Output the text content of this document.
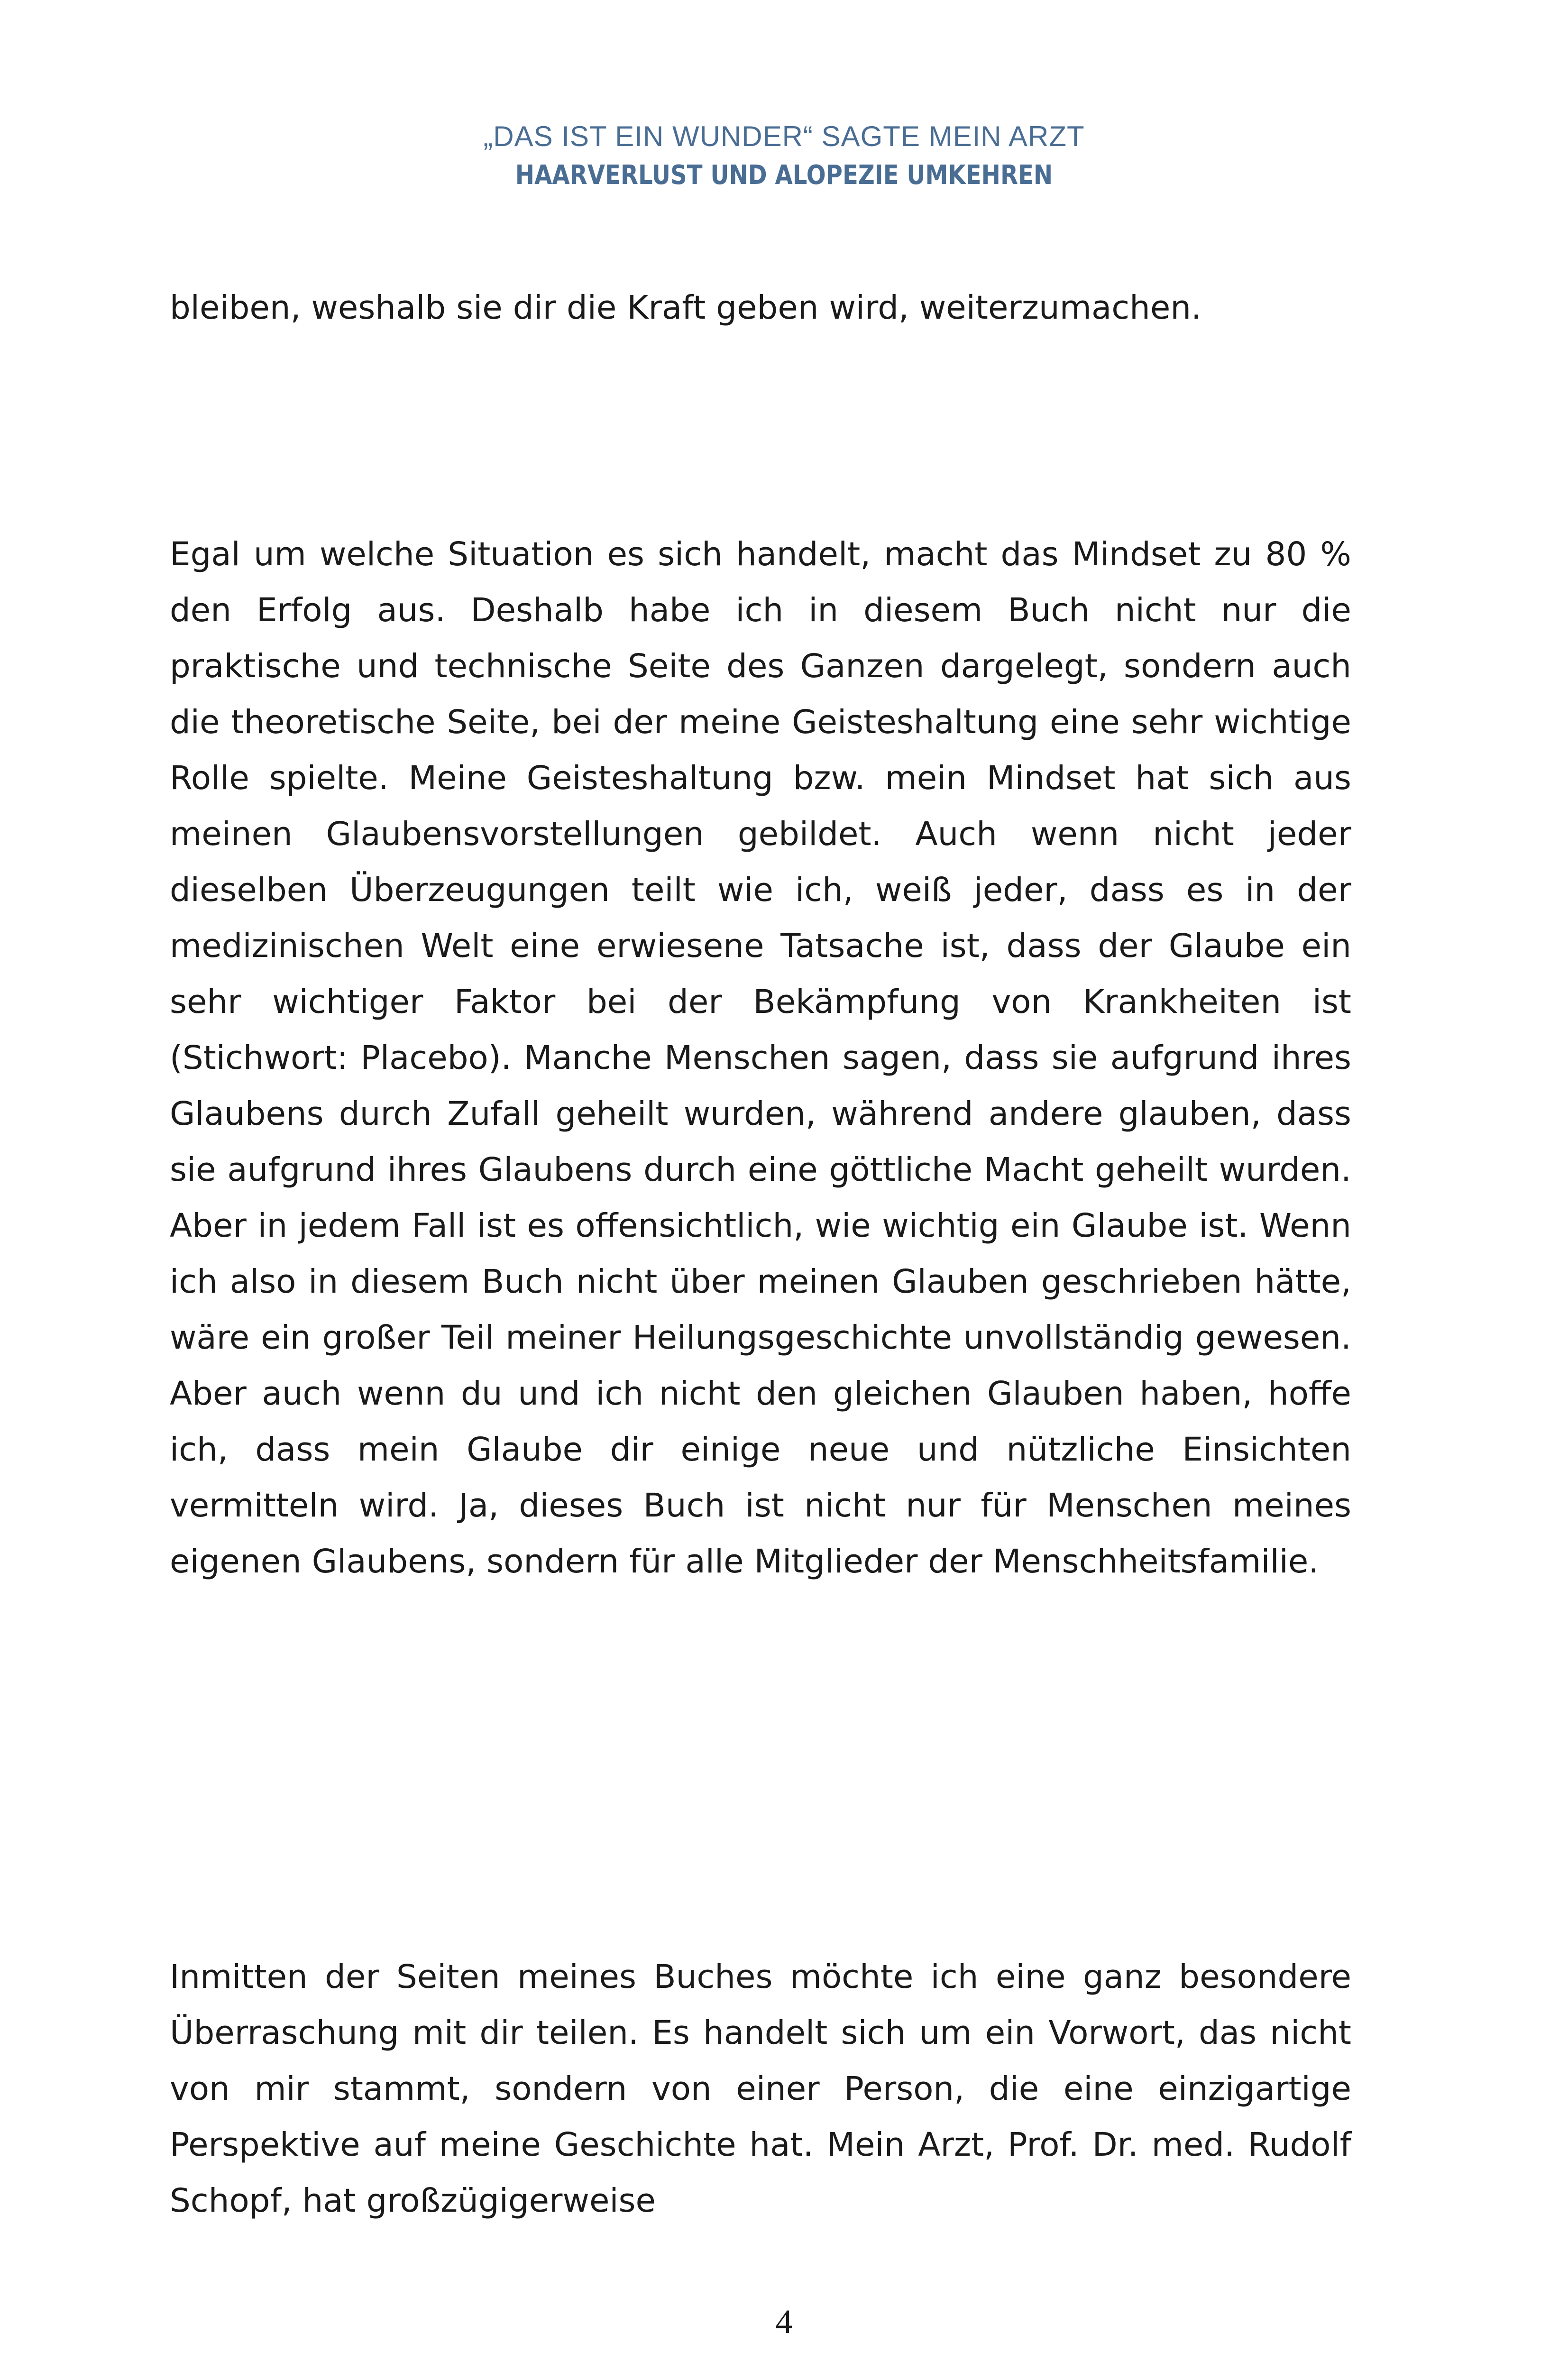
„DAS IST EIN WUNDER“ SAGTE MEIN ARZT
HAARVERLUST UND ALOPEZIE UMKEHREN

bleiben, weshalb sie dir die Kraft geben wird, weiterzumachen.

Egal um welche Situation es sich handelt, macht das Mindset zu 80 % den Erfolg aus. Deshalb habe ich in diesem Buch nicht nur die praktische und technische Seite des Ganzen dargelegt, sondern auch die theoretische Seite, bei der meine Geisteshaltung eine sehr wichtige Rolle spielte. Meine Geisteshaltung bzw. mein Mindset hat sich aus meinen Glaubensvorstellungen gebildet. Auch wenn nicht jeder dieselben Überzeugungen teilt wie ich, weiß jeder, dass es in der medizinischen Welt eine erwiesene Tatsache ist, dass der Glaube ein sehr wichtiger Faktor bei der Bekämpfung von Krankheiten ist (Stichwort: Placebo). Manche Menschen sagen, dass sie aufgrund ihres Glaubens durch Zufall geheilt wurden, während andere glauben, dass sie aufgrund ihres Glaubens durch eine göttliche Macht geheilt wurden. Aber in jedem Fall ist es offensichtlich, wie wichtig ein Glaube ist. Wenn ich also in diesem Buch nicht über meinen Glauben geschrieben hätte, wäre ein großer Teil meiner Heilungsgeschichte unvollständig gewesen. Aber auch wenn du und ich nicht den gleichen Glauben haben, hoffe ich, dass mein Glaube dir einige neue und nützliche Einsichten vermitteln wird. Ja, dieses Buch ist nicht nur für Menschen meines eigenen Glaubens, sondern für alle Mitglieder der Menschheitsfamilie.

Inmitten der Seiten meines Buches möchte ich eine ganz besondere Überraschung mit dir teilen. Es handelt sich um ein Vorwort, das nicht von mir stammt, sondern von einer Person, die eine einzigartige Perspektive auf meine Geschichte hat. Mein Arzt, Prof. Dr. med. Rudolf Schopf, hat großzügigerweise

4
